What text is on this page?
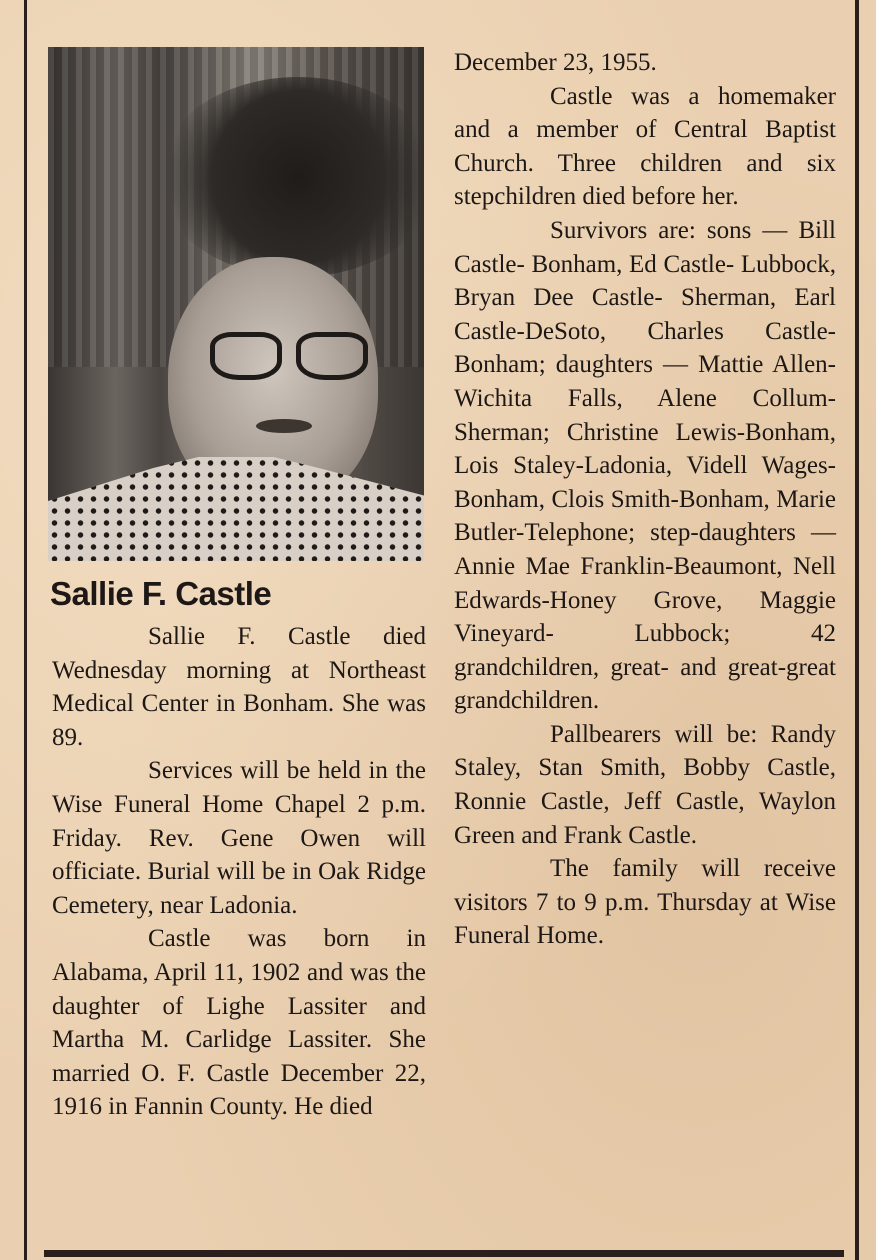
Sallie F. Castle

Sallie F. Castle died Wednesday morning at Northeast Medical Center in Bonham. She was 89.

Services will be held in the Wise Funeral Home Chapel 2 p.m. Friday. Rev. Gene Owen will officiate. Burial will be in Oak Ridge Cemetery, near Ladonia.

Castle was born in Alabama, April 11, 1902 and was the daughter of Lighe Lassiter and Martha M. Carlidge Lassiter. She married O. F. Castle December 22, 1916 in Fannin County. He died

December 23, 1955.

Castle was a homemaker and a member of Central Baptist Church. Three children and six stepchildren died before her.

Survivors are: sons — Bill Castle- Bonham, Ed Castle- Lubbock, Bryan Dee Castle- Sherman, Earl Castle-DeSoto, Charles Castle- Bonham; daughters — Mattie Allen- Wichita Falls, Alene Collum-Sherman; Christine Lewis-Bonham, Lois Staley-Ladonia, Videll Wages-Bonham, Clois Smith-Bonham, Marie Butler-Telephone; step-daughters — Annie Mae Franklin-Beaumont, Nell Edwards-Honey Grove, Maggie Vineyard- Lubbock; 42 grandchildren, great- and great-great grandchildren.

Pallbearers will be: Randy Staley, Stan Smith, Bobby Castle, Ronnie Castle, Jeff Castle, Waylon Green and Frank Castle.

The family will receive visitors 7 to 9 p.m. Thursday at Wise Funeral Home.
